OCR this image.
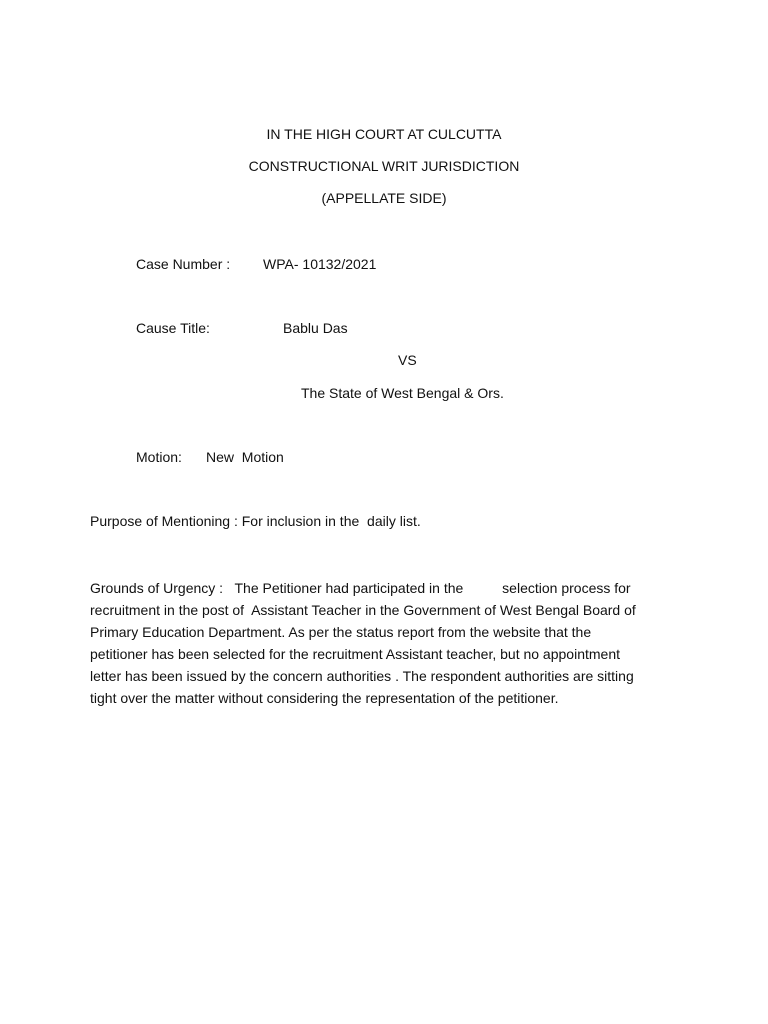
IN THE HIGH COURT AT CULCUTTA
CONSTRUCTIONAL WRIT JURISDICTION
(APPELLATE SIDE)
Case Number : WPA- 10132/2021
Cause Title:	Bablu Das
VS
The State of West Bengal & Ors.
Motion: New  Motion
Purpose of Mentioning : For inclusion in the  daily list.
Grounds of Urgency :   The Petitioner had participated in the          selection process for
recruitment in the post of  Assistant Teacher in the Government of West Bengal Board of
Primary Education Department. As per the status report from the website that the
petitioner has been selected for the recruitment Assistant teacher, but no appointment
letter has been issued by the concern authorities . The respondent authorities are sitting
tight over the matter without considering the representation of the petitioner.
